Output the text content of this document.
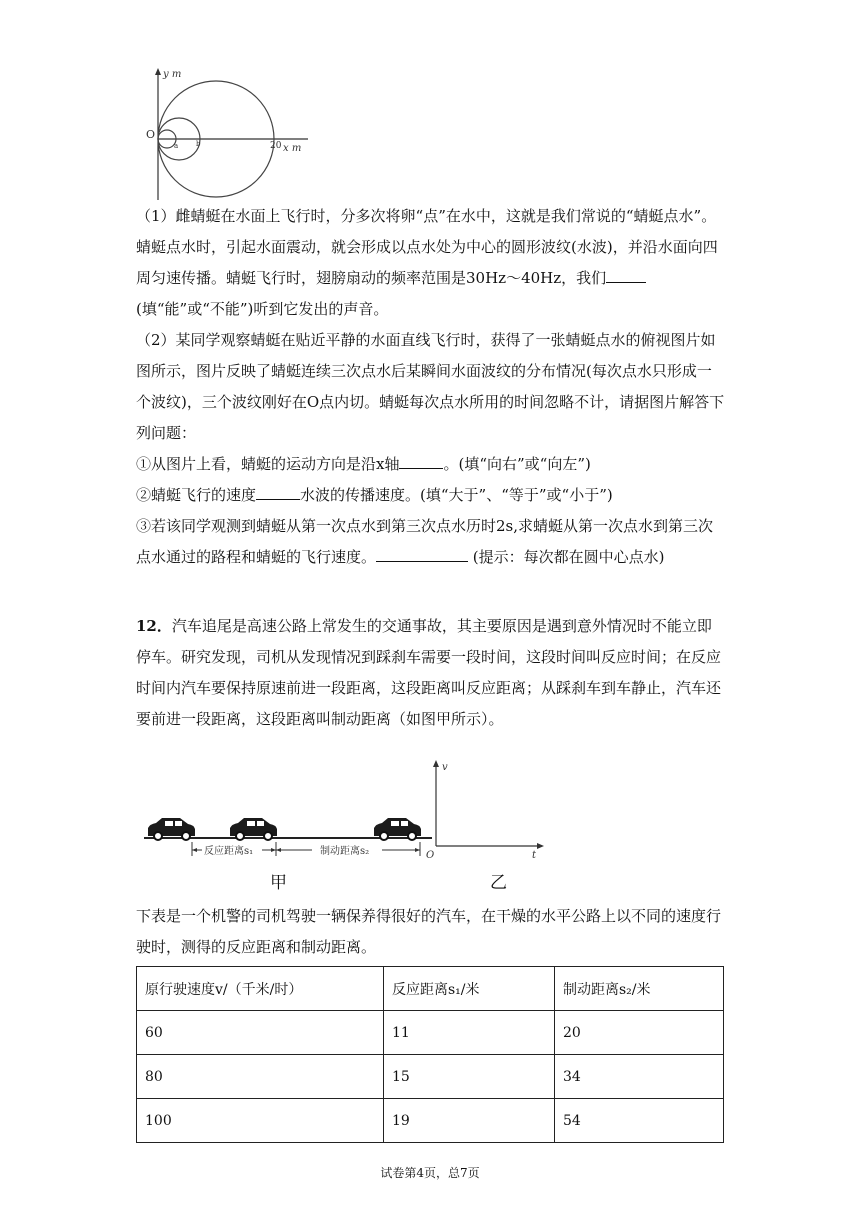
y m
O
a	b	20 x m

（1）雌蜻蜓在水面上飞行时，分多次将卵“点”在水中，这就是我们常说的“蜻蜓点水”。蜻蜓点水时，引起水面震动，就会形成以点水处为中心的圆形波纹(水波)，并沿水面向四周匀速传播。蜻蜓飞行时，翅膀扇动的频率范围是30Hz～40Hz，我们(填“能”或“不能”)听到它发出的声音。

（2）某同学观察蜻蜓在贴近平静的水面直线飞行时，获得了一张蜻蜓点水的俯视图片如图所示，图片反映了蜻蜓连续三次点水后某瞬间水面波纹的分布情况(每次点水只形成一个波纹)，三个波纹刚好在O点内切。蜻蜓每次点水所用的时间忽略不计，请据图片解答下列问题：

①从图片上看，蜻蜓的运动方向是沿x轴	。(填“向右”或“向左”)

②蜻蜓飞行的速度	水波的传播速度。(填“大于”、“等于”或“小于”)

③若该同学观测到蜻蜓从第一次点水到第三次点水历时2s,求蜻蜓从第一次点水到第三次点水通过的路程和蜻蜓的飞行速度。	(提示：每次都在圆中心点水)

12．汽车追尾是高速公路上常发生的交通事故，其主要原因是遇到意外情况时不能立即停车。研究发现，司机从发现情况到踩刹车需要一段时间，这段时间叫反应时间；在反应时间内汽车要保持原速前进一段距离，这段距离叫反应距离；从踩刹车到车静止，汽车还要前进一段距离，这段距离叫制动距离（如图甲所示）。

反应距离s₁	制动距离s₂
v
t
O
甲	乙

下表是一个机警的司机驾驶一辆保养得很好的汽车，在干燥的水平公路上以不同的速度行驶时，测得的反应距离和制动距离。

原行驶速度v/（千米/时）	反应距离s₁/米	制动距离s₂/米
60	11	20
80	15	34
100	19	54
试卷第4页，总7页
